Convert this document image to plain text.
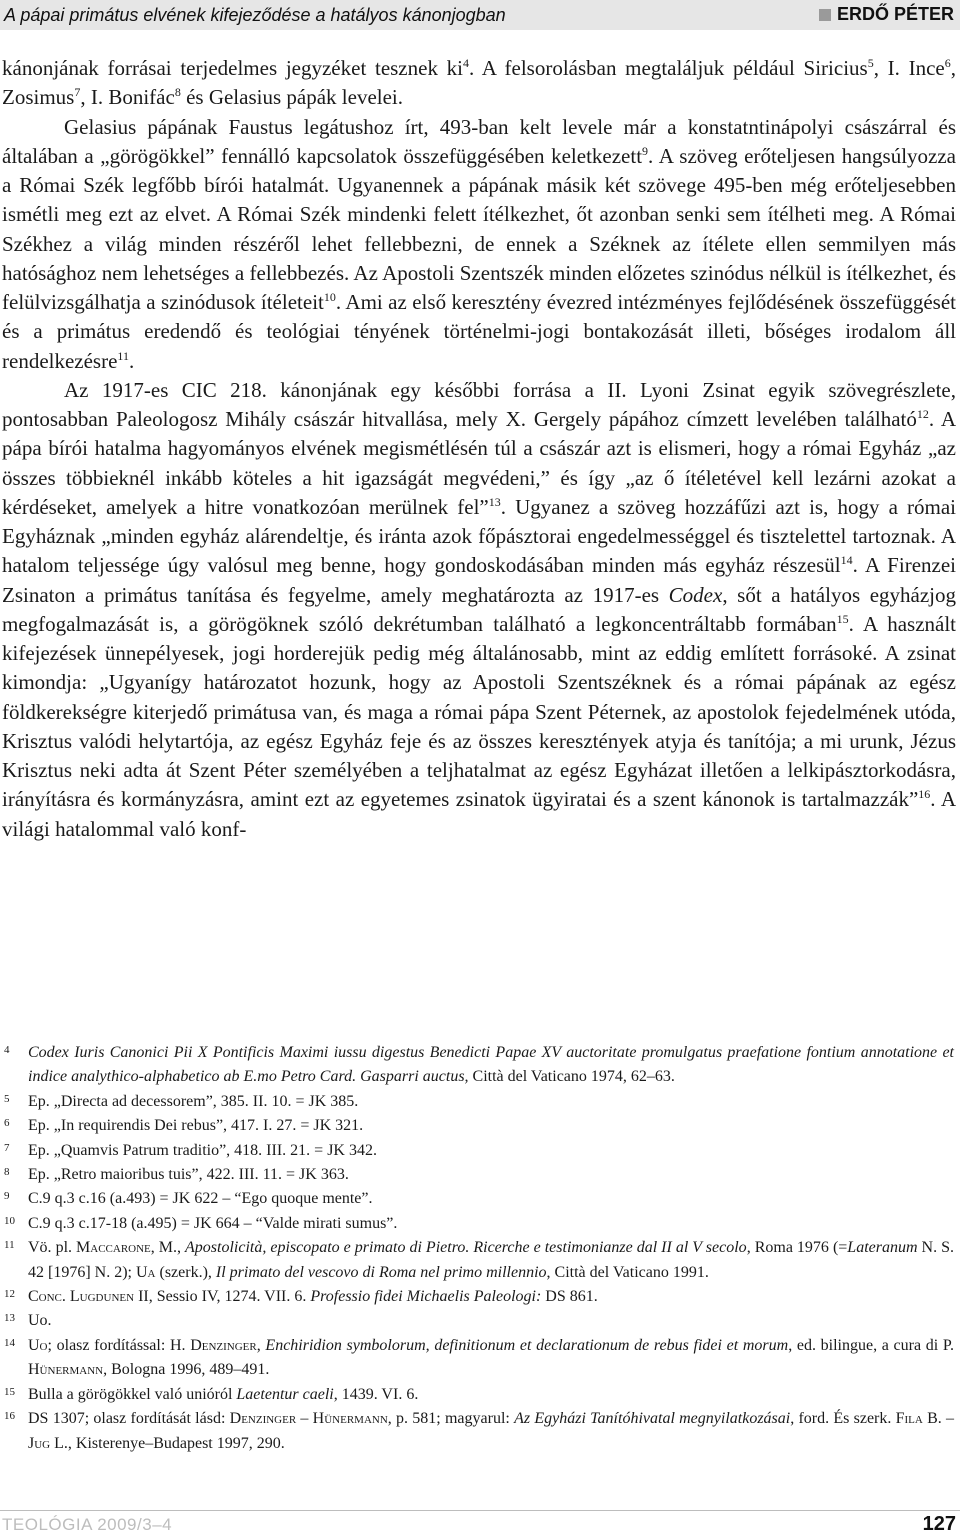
A pápai primátus elvének kifejeződése a hatályos kánonjogban	ERDŐ PÉTER

kánonjának forrásai terjedelmes jegyzéket tesznek $ki^4$. A felsorolásban megtaláljuk például Siricius$^5$, I. Ince$^6$, Zosimus$^7$, I. Bonifác$^8$ és Gelasius pápák levelei.

Gelasius pápának Faustus legátushoz írt, 493-ban kelt levele már a konstatntinápolyi császárral és általában a „görögökkel” fennálló kapcsolatok összefüggésében keletkezett$^9$. A szöveg erőteljesen hangsúlyozza a Római Szék legfőbb bírói hatalmát. Ugyanennek a pápának másik két szövege 495-ben még erőteljesebben ismétli meg ezt az elvet. A Római Szék mindenki felett ítélkezhet, őt azonban senki sem ítélheti meg. A Római Székhez a világ minden részéről lehet fellebbezni, de ennek a Széknek az ítélete ellen semmilyen más hatósághoz nem lehetséges a fellebbezés. Az Apostoli Szentszék minden előzetes szinódus nélkül is ítélkezhet, és felülvizsgálhatja a szinódusok ítéleteit$^{10}$. Ami az első keresztény évezred intézményes fejlődésének összefüggését és a primátus eredendő és teológiai tényének történelmi-jogi bontakozását illeti, bőséges irodalom áll rendelkezésre$^{11}$.

Az 1917-es CIC 218. kánonjának egy későbbi forrása a II. Lyoni Zsinat egyik szövegrészlete, pontosabban Paleologosz Mihály császár hitvallása, mely X. Gergely pápához címzett levelében található$^{12}$. A pápa bírói hatalma hagyományos elvének megismétlésén túl a császár azt is elismeri, hogy a római Egyház „az összes többieknél inkább köteles a hit igazságát megvédeni,” és így „az ő ítéletével kell lezárni azokat a kérdéseket, amelyek a hitre vonatkozóan merülnek fel”$^{13}$. Ugyanez a szöveg hozzáfűzi azt is, hogy a római Egyháznak „minden egyház alárendeltje, és iránta azok főpásztorai engedelmességgel és tisztelettel tartoznak. A hatalom teljessége úgy valósul meg benne, hogy gondoskodásában minden más egyház részesül$^{14}$. A Firenzei Zsinaton a primátus tanítása és fegyelme, amely meghatározta az 1917-es Codex, sőt a hatályos egyházjog megfogalmazását is, a görögöknek szóló dekrétumban található a legkoncentráltabb formában$^{15}$. A használt kifejezések ünnepélyesek, jogi horderejük pedig még általánosabb, mint az eddig említett forrásoké. A zsinat kimondja: „Ugyanígy határozatot hozunk, hogy az Apostoli Szentszéknek és a római pápának az egész földkerekségre kiterjedő primátusa van, és maga a római pápa Szent Péternek, az apostolok fejedelmének utóda, Krisztus valódi helytartója, az egész Egyház feje és az összes keresztények atyja és tanítója; a mi urunk, Jézus Krisztus neki adta át Szent Péter személyében a teljhatalmat az egész Egyházat illetően a lelkipásztorkodásra, irányításra és kormányzásra, amint ezt az egyetemes zsinatok ügyiratai és a szent kánonok is tartalmazzák”$^{16}$. A világi hatalommal való konf-

4 Codex Iuris Canonici Pii X Pontificis Maximi iussu digestus Benedicti Papae XV auctoritate promulgatus praefatione fontium annotatione et indice analythico-alphabetico ab E.mo Petro Card. Gasparri auctus, Città del Vaticano 1974, 62–63.
5 Ep. „Directa ad decessorem”, 385. II. 10. = JK 385.
6 Ep. „In requirendis Dei rebus”, 417. I. 27. = JK 321.
7 Ep. „Quamvis Patrum traditio”, 418. III. 21. = JK 342.
8 Ep. „Retro maioribus tuis”, 422. III. 11. = JK 363.
9 C.9 q.3 c.16 (a.493) = JK 622 – “Ego quoque mente”.
10 C.9 q.3 c.17-18 (a.495) = JK 664 – “Valde mirati sumus”.
11 Vö. pl. Maccarone, M., Apostolicità, episcopato e primato di Pietro. Ricerche e testimonianze dal II al V secolo, Roma 1976 (=Lateranum N. S. 42 [1976] N. 2); Ua (szerk.), Il primato del vescovo di Roma nel primo millennio, Città del Vaticano 1991.
12 Conc. Lugdunen II, Sessio IV, 1274. VII. 6. Professio fidei Michaelis Paleologi: DS 861.
13 Uo.
14 Uo; olasz fordítással: H. Denzinger, Enchiridion symbolorum, definitionum et declarationum de rebus fidei et morum, ed. bilingue, a cura di P. Hünermann, Bologna 1996, 489–491.
15 Bulla a görögökkel való unióról Laetentur caeli, 1439. VI. 6.
16 DS 1307; olasz fordítását lásd: Denzinger – Hünermann, p. 581; magyarul: Az Egyházi Tanítóhivatal megnyilatkozásai, ford. És szerk. Fila B. – Jug L., Kisterenye–Budapest 1997, 290.
TEOLÓGIA 2009/3–4	127
